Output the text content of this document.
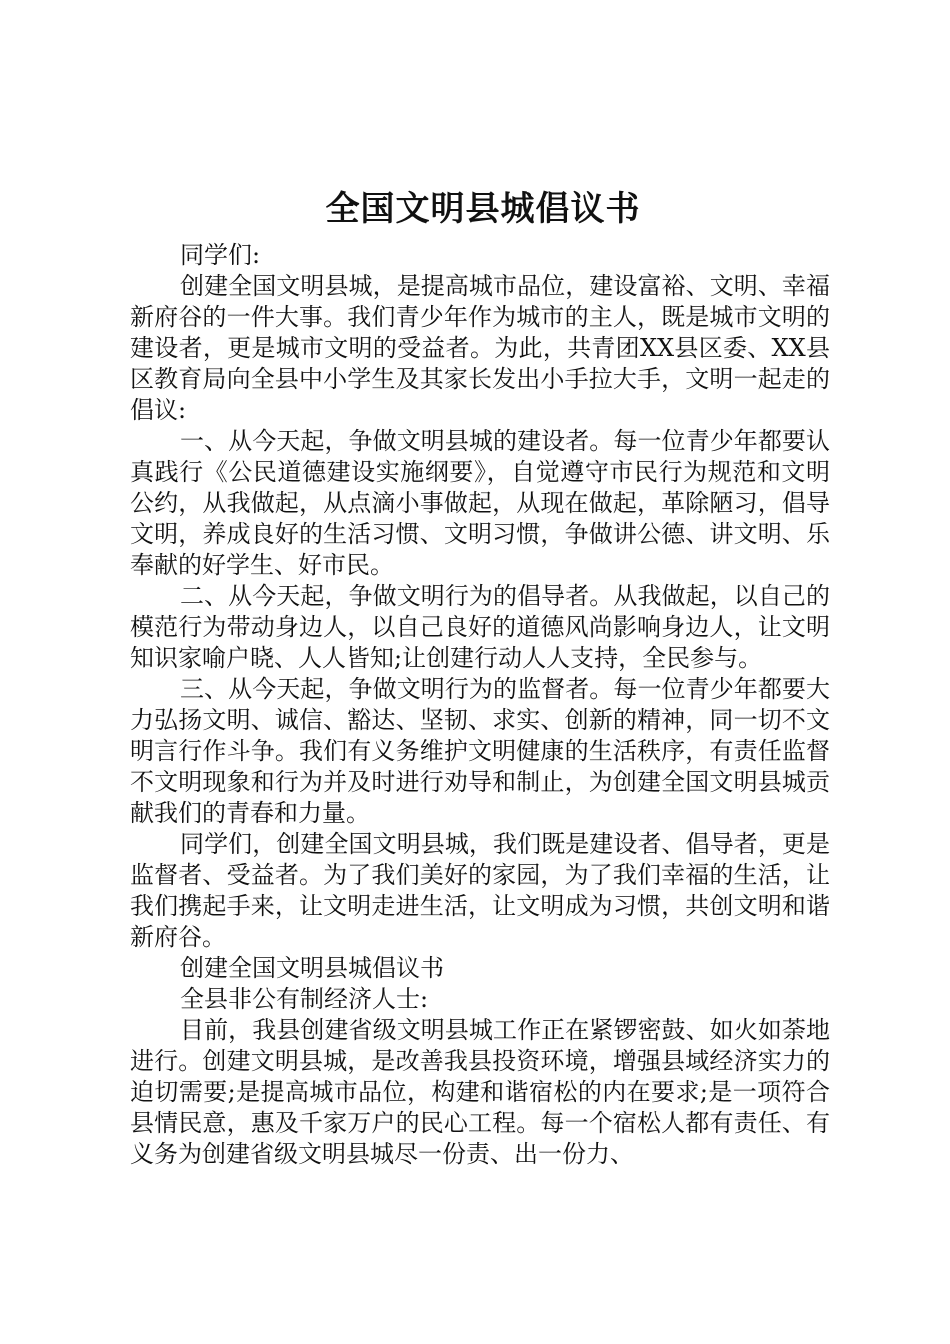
全国文明县城倡议书

同学们:

创建全国文明县城，是提高城市品位，建设富裕、文明、幸福新府谷的一件大事。我们青少年作为城市的主人，既是城市文明的建设者，更是城市文明的受益者。为此，共青团XX县区委、XX县区教育局向全县中小学生及其家长发出小手拉大手，文明一起走的倡议:

一、从今天起，争做文明县城的建设者。每一位青少年都要认真践行《公民道德建设实施纲要》，自觉遵守市民行为规范和文明公约，从我做起，从点滴小事做起，从现在做起，革除陋习，倡导文明，养成良好的生活习惯、文明习惯，争做讲公德、讲文明、乐奉献的好学生、好市民。

二、从今天起，争做文明行为的倡导者。从我做起，以自己的模范行为带动身边人，以自己良好的道德风尚影响身边人，让文明知识家喻户晓、人人皆知;让创建行动人人支持，全民参与。

三、从今天起，争做文明行为的监督者。每一位青少年都要大力弘扬文明、诚信、豁达、坚韧、求实、创新的精神，同一切不文明言行作斗争。我们有义务维护文明健康的生活秩序，有责任监督不文明现象和行为并及时进行劝导和制止，为创建全国文明县城贡献我们的青春和力量。

同学们，创建全国文明县城，我们既是建设者、倡导者，更是监督者、受益者。为了我们美好的家园，为了我们幸福的生活，让我们携起手来，让文明走进生活，让文明成为习惯，共创文明和谐新府谷。

创建全国文明县城倡议书

全县非公有制经济人士:

目前，我县创建省级文明县城工作正在紧锣密鼓、如火如荼地进行。创建文明县城，是改善我县投资环境，增强县域经济实力的迫切需要;是提高城市品位，构建和谐宿松的内在要求;是一项符合县情民意，惠及千家万户的民心工程。每一个宿松人都有责任、有义务为创建省级文明县城尽一份责、出一份力、
